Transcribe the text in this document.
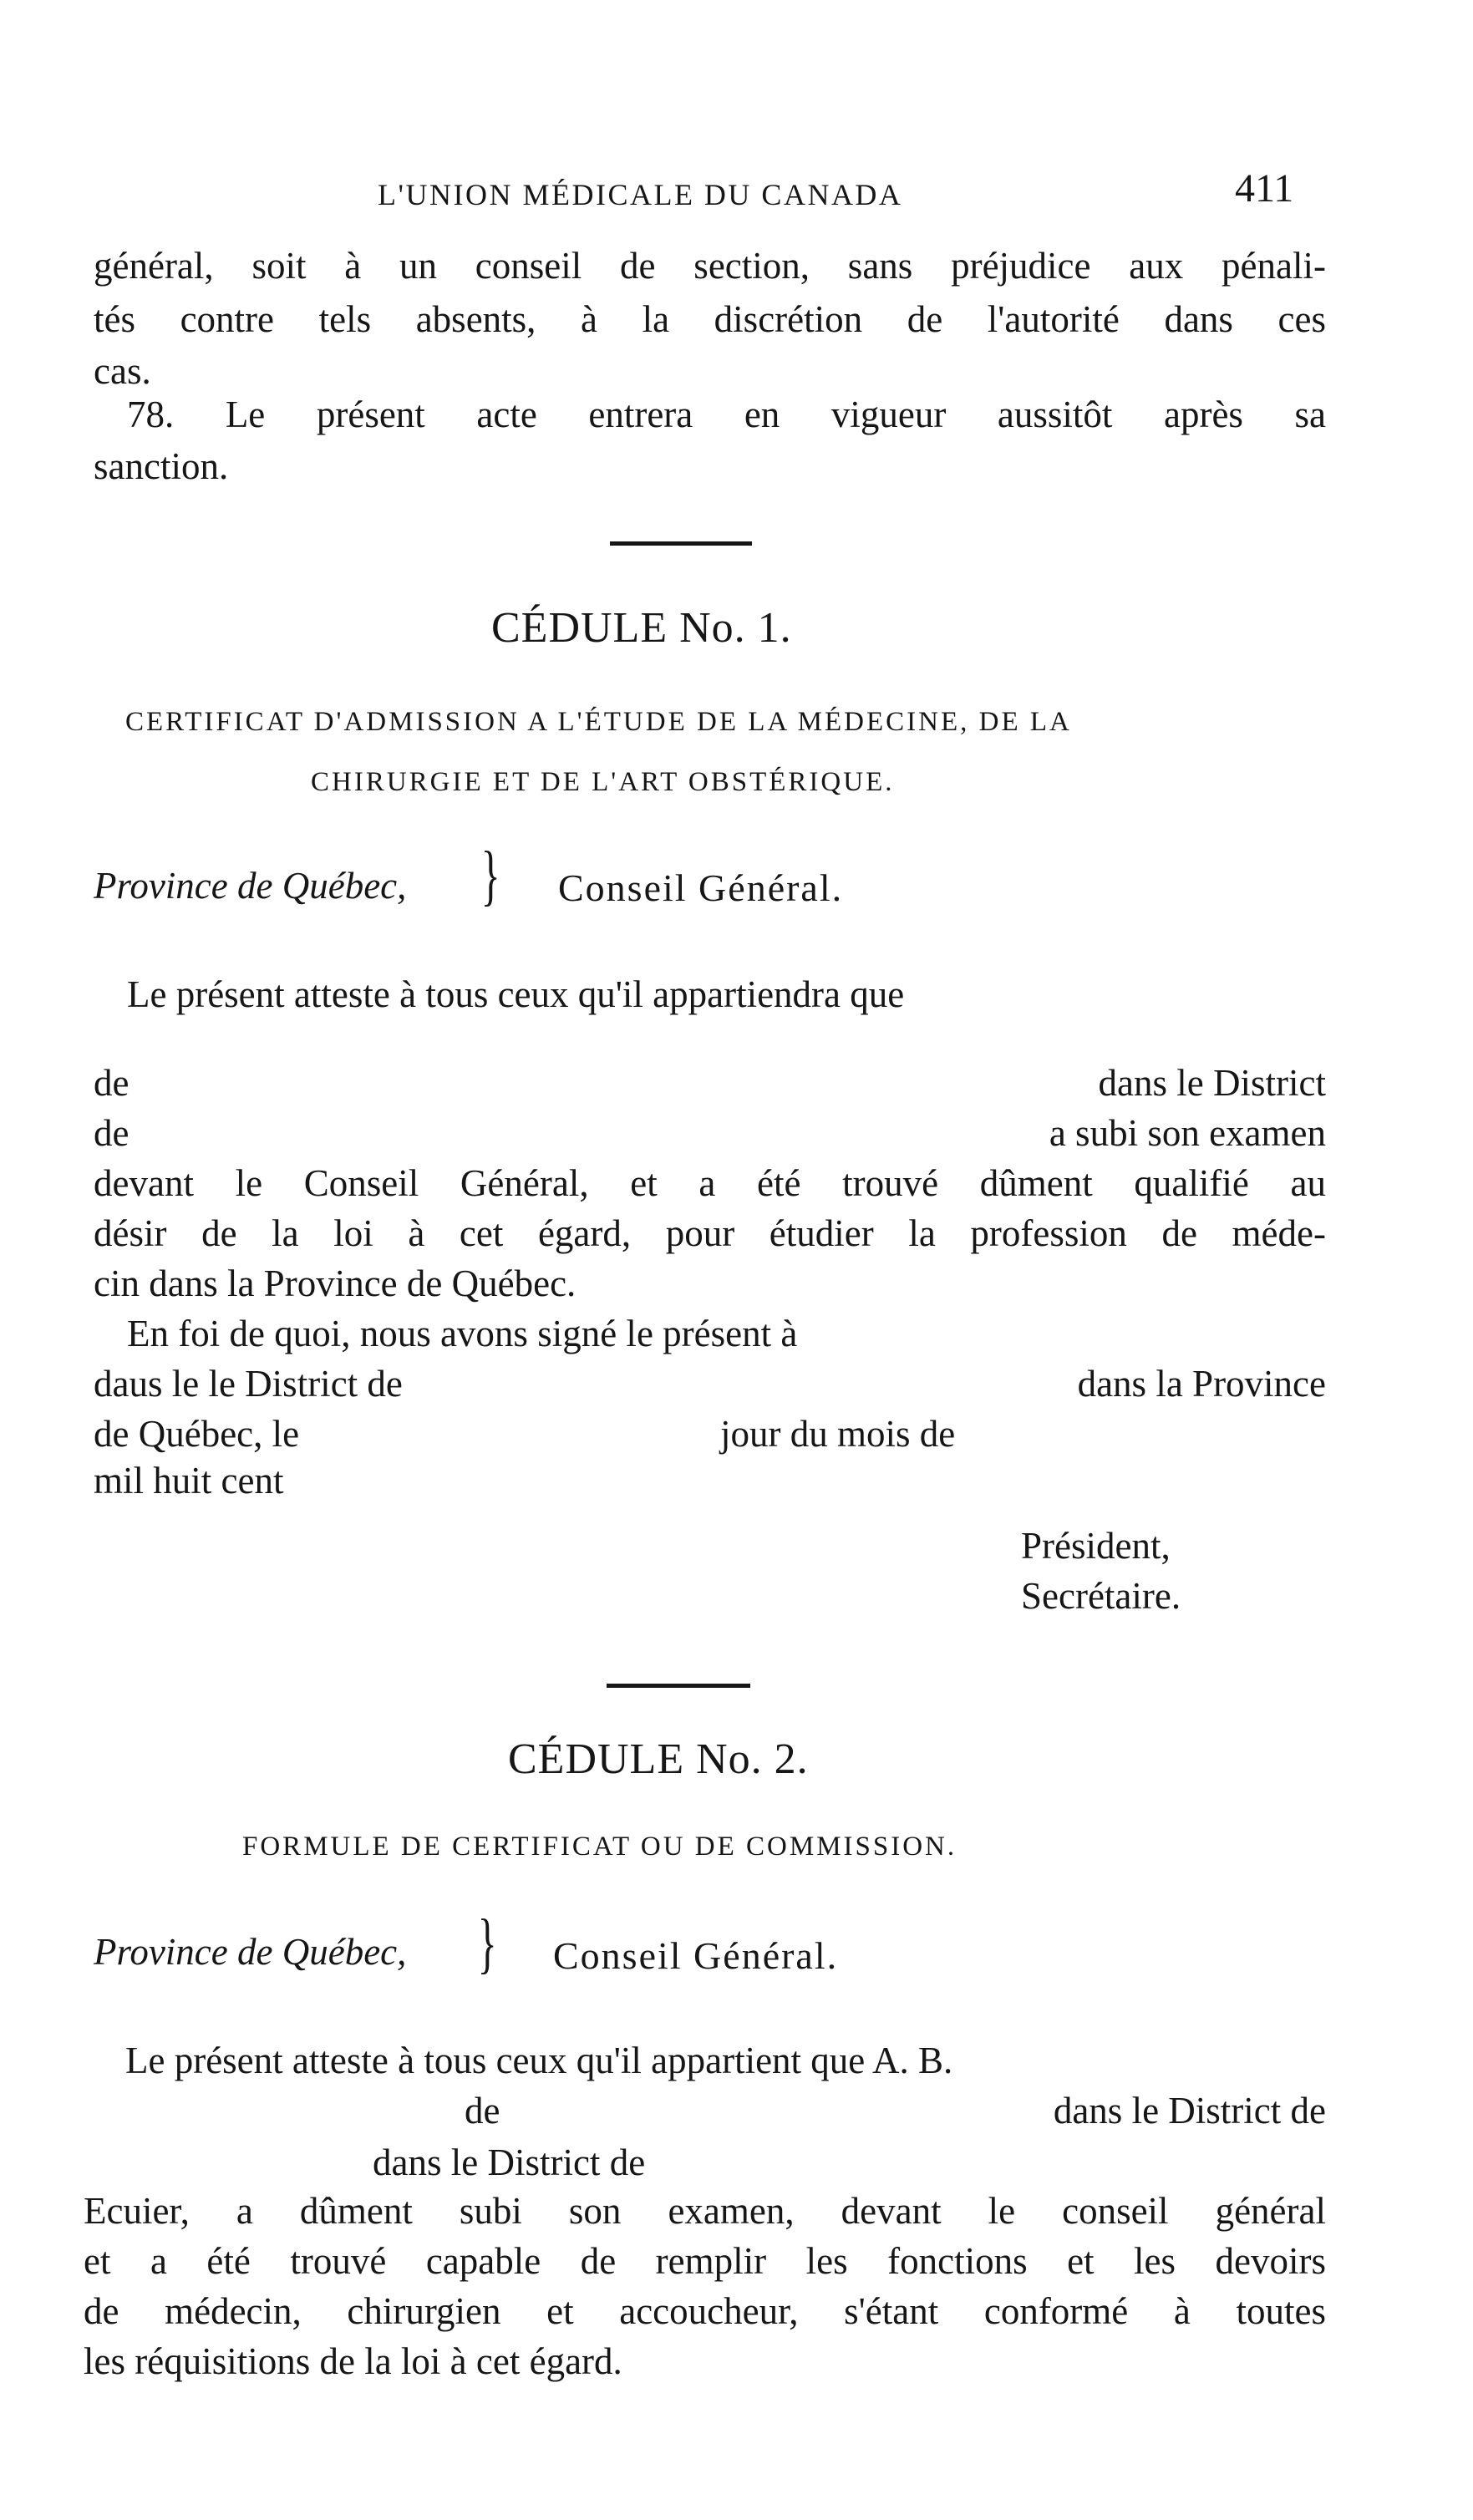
L'UNION MÉDICALE DU CANADA	411
général, soit à un conseil de section, sans préjudice aux pénali-
tés contre tels absents, à la discrétion de l'autorité dans ces
cas.
78. Le présent acte entrera en vigueur aussitôt après sa
sanction.
CÉDULE No. 1.
CERTIFICAT D'ADMISSION A L'ÉTUDE DE LA MÉDECINE, DE LA
CHIRURGIE ET DE L'ART OBSTÉRIQUE.
Province de Québec, } Conseil Général.
Le présent atteste à tous ceux qu'il appartiendra que
de	dans le District
de	a subi son examen
devant le Conseil Général, et a été trouvé dûment qualifié au
désir de la loi à cet égard, pour étudier la profession de méde-
cin dans la Province de Québec.
En foi de quoi, nous avons signé le présent à
daus le le District de	dans la Province
de Québec, le	jour du mois de
mil huit cent
Président,
Secrétaire.
CÉDULE No. 2.
FORMULE DE CERTIFICAT OU DE COMMISSION.
Province de Québec, } Conseil Général.
Le présent atteste à tous ceux qu'il appartient que A. B.
de	dans le District de
dans le District de
Ecuier, a dûment subi son examen, devant le conseil général
et a été trouvé capable de remplir les fonctions et les devoirs
de médecin, chirurgien et accoucheur, s'étant conformé à toutes
les réquisitions de la loi à cet égard.
